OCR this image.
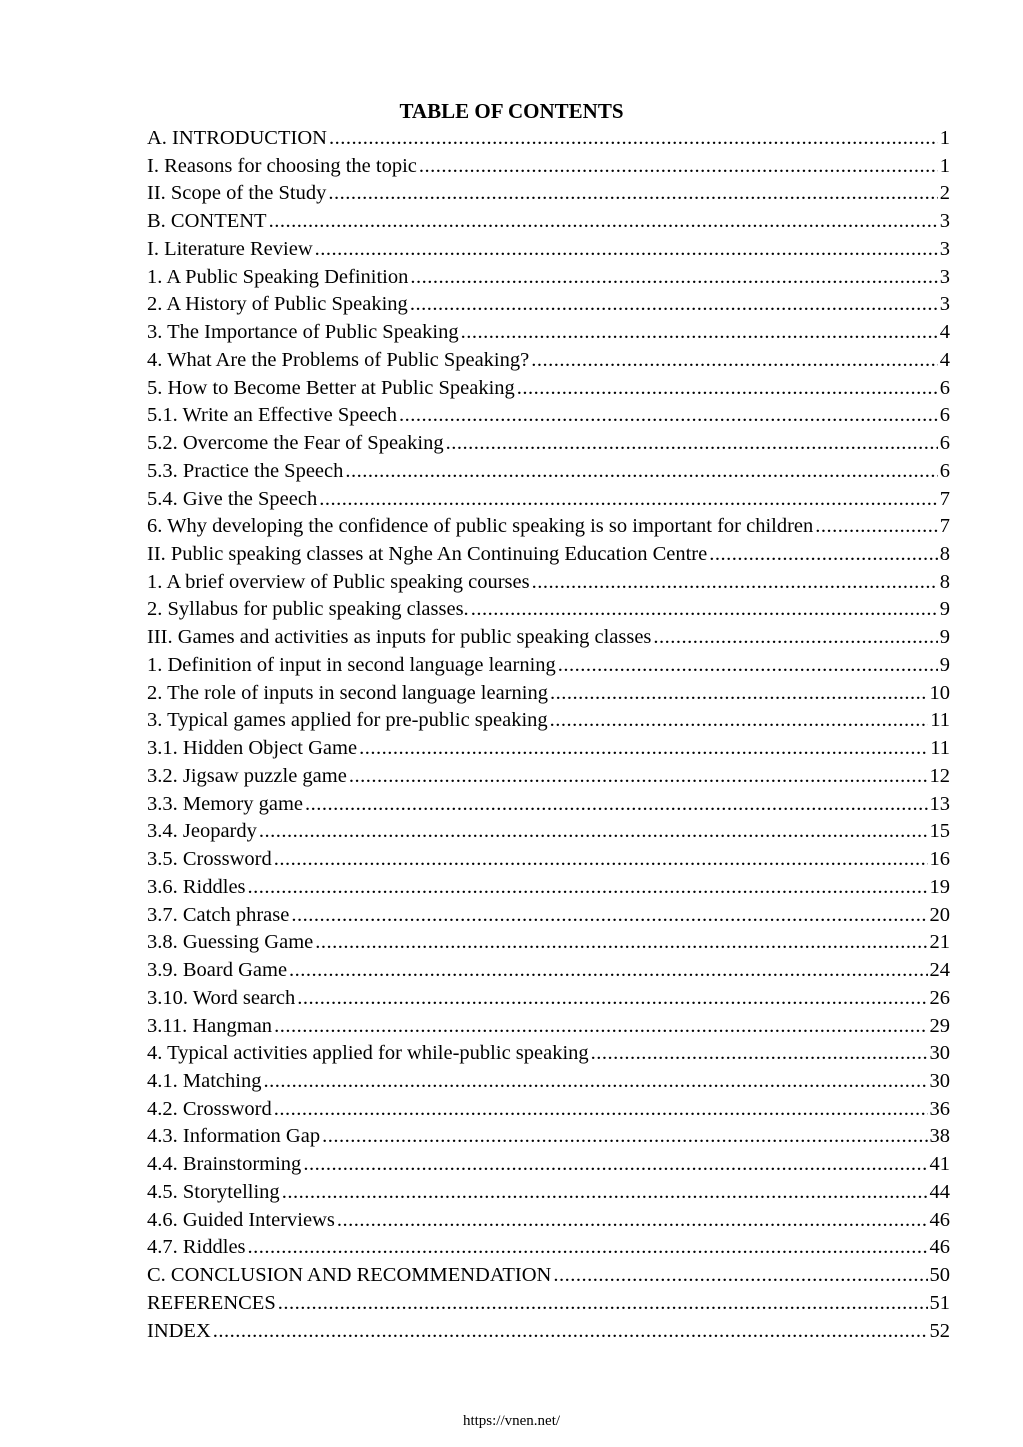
TABLE OF CONTENTS
A. INTRODUCTION .....	1
I. Reasons for choosing the topic .....	1
II. Scope of the Study .....	2
B. CONTENT .....	3
I. Literature Review .....	3
1. A Public Speaking Definition .....	3
2. A History of Public Speaking .....	3
3. The Importance of Public Speaking .....	4
4. What Are the Problems of Public Speaking? .....	4
5. How to Become Better at Public Speaking .....	6
5.1. Write an Effective Speech .....	6
5.2. Overcome the Fear of Speaking .....	6
5.3. Practice the Speech .....	6
5.4. Give the Speech .....	7
6. Why developing the confidence of public speaking is so important for children .....	7
II. Public speaking classes at Nghe An Continuing Education Centre .....	8
1. A brief overview of Public speaking courses .....	8
2. Syllabus for public speaking classes. .....	9
III. Games and activities as inputs for public speaking classes .....	9
1. Definition of input in second language learning .....	9
2. The role of inputs in second language learning .....	10
3. Typical games applied for pre-public speaking .....	11
3.1. Hidden Object Game .....	11
3.2. Jigsaw puzzle game .....	12
3.3. Memory game .....	13
3.4. Jeopardy .....	15
3.5. Crossword .....	16
3.6. Riddles .....	19
3.7. Catch phrase .....	20
3.8. Guessing Game .....	21
3.9. Board Game .....	24
3.10. Word search .....	26
3.11. Hangman .....	29
4. Typical activities applied for while-public speaking .....	30
4.1. Matching .....	30
4.2. Crossword .....	36
4.3. Information Gap .....	38
4.4. Brainstorming .....	41
4.5. Storytelling .....	44
4.6. Guided Interviews .....	46
4.7. Riddles .....	46
C. CONCLUSION AND RECOMMENDATION .....	50
REFERENCES .....	51
INDEX .....	52
https://vnen.net/
